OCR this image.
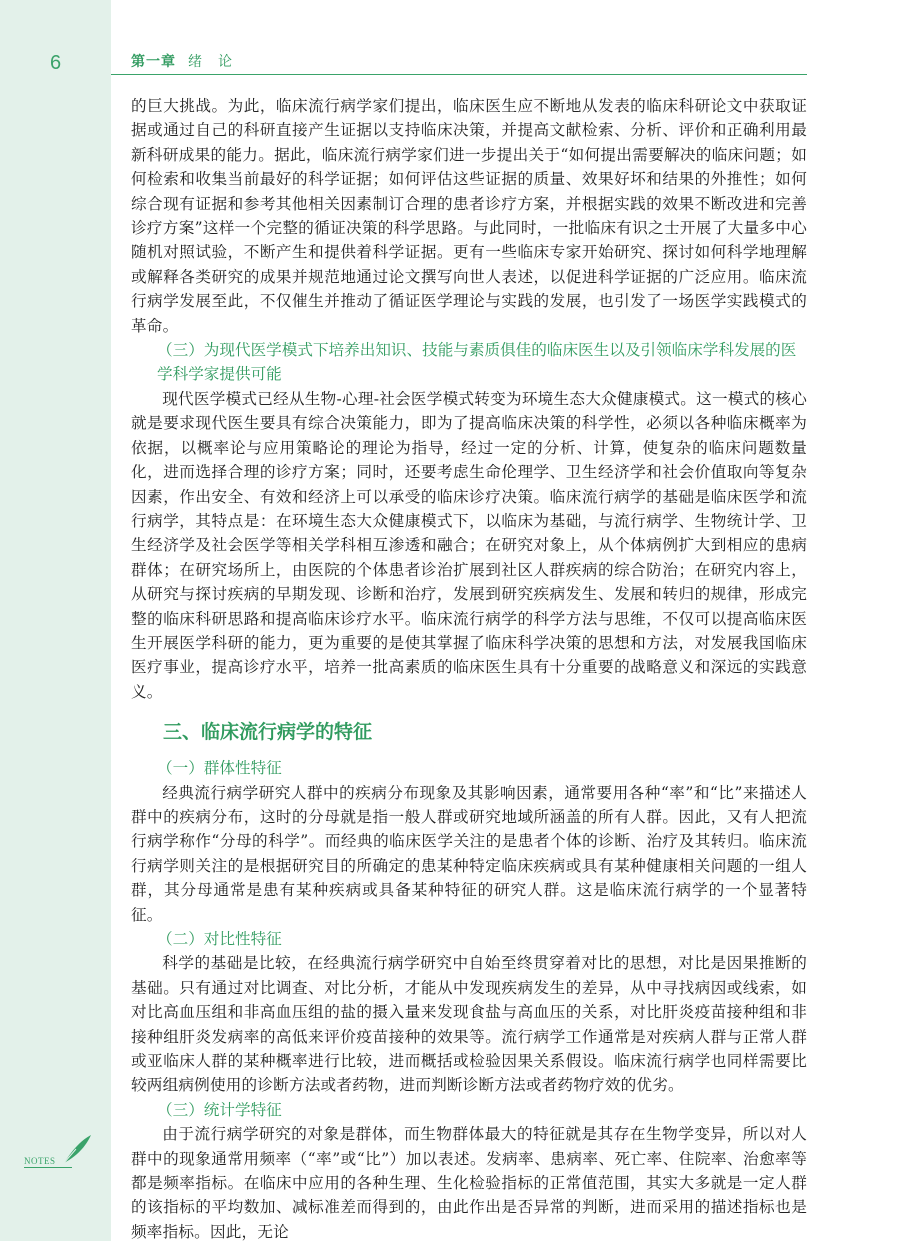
6	第一章 绪　论

的巨大挑战。为此，临床流行病学家们提出，临床医生应不断地从发表的临床科研论文中获取证据或通过自己的科研直接产生证据以支持临床决策，并提高文献检索、分析、评价和正确利用最新科研成果的能力。据此，临床流行病学家们进一步提出关于“如何提出需要解决的临床问题；如何检索和收集当前最好的科学证据；如何评估这些证据的质量、效果好坏和结果的外推性；如何综合现有证据和参考其他相关因素制订合理的患者诊疗方案，并根据实践的效果不断改进和完善诊疗方案”这样一个完整的循证决策的科学思路。与此同时，一批临床有识之士开展了大量多中心随机对照试验，不断产生和提供着科学证据。更有一些临床专家开始研究、探讨如何科学地理解或解释各类研究的成果并规范地通过论文撰写向世人表述，以促进科学证据的广泛应用。临床流行病学发展至此，不仅催生并推动了循证医学理论与实践的发展，也引发了一场医学实践模式的革命。

（三）为现代医学模式下培养出知识、技能与素质俱佳的临床医生以及引领临床学科发展的医学科学家提供可能

现代医学模式已经从生物-心理-社会医学模式转变为环境生态大众健康模式。这一模式的核心就是要求现代医生要具有综合决策能力，即为了提高临床决策的科学性，必须以各种临床概率为依据，以概率论与应用策略论的理论为指导，经过一定的分析、计算，使复杂的临床问题数量化，进而选择合理的诊疗方案；同时，还要考虑生命伦理学、卫生经济学和社会价值取向等复杂因素，作出安全、有效和经济上可以承受的临床诊疗决策。临床流行病学的基础是临床医学和流行病学，其特点是：在环境生态大众健康模式下，以临床为基础，与流行病学、生物统计学、卫生经济学及社会医学等相关学科相互渗透和融合；在研究对象上，从个体病例扩大到相应的患病群体；在研究场所上，由医院的个体患者诊治扩展到社区人群疾病的综合防治；在研究内容上，从研究与探讨疾病的早期发现、诊断和治疗，发展到研究疾病发生、发展和转归的规律，形成完整的临床科研思路和提高临床诊疗水平。临床流行病学的科学方法与思维，不仅可以提高临床医生开展医学科研的能力，更为重要的是使其掌握了临床科学决策的思想和方法，对发展我国临床医疗事业，提高诊疗水平，培养一批高素质的临床医生具有十分重要的战略意义和深远的实践意义。

三、临床流行病学的特征
（一）群体性特征

经典流行病学研究人群中的疾病分布现象及其影响因素，通常要用各种“率”和“比”来描述人群中的疾病分布，这时的分母就是指一般人群或研究地域所涵盖的所有人群。因此，又有人把流行病学称作“分母的科学”。而经典的临床医学关注的是患者个体的诊断、治疗及其转归。临床流行病学则关注的是根据研究目的所确定的患某种特定临床疾病或具有某种健康相关问题的一组人群，其分母通常是患有某种疾病或具备某种特征的研究人群。这是临床流行病学的一个显著特征。

（二）对比性特征

科学的基础是比较，在经典流行病学研究中自始至终贯穿着对比的思想，对比是因果推断的基础。只有通过对比调查、对比分析，才能从中发现疾病发生的差异，从中寻找病因或线索，如对比高血压组和非高血压组的盐的摄入量来发现食盐与高血压的关系，对比肝炎疫苗接种组和非接种组肝炎发病率的高低来评价疫苗接种的效果等。流行病学工作通常是对疾病人群与正常人群或亚临床人群的某种概率进行比较，进而概括或检验因果关系假设。临床流行病学也同样需要比较两组病例使用的诊断方法或者药物，进而判断诊断方法或者药物疗效的优劣。

（三）统计学特征

由于流行病学研究的对象是群体，而生物群体最大的特征就是其存在生物学变异，所以对人群中的现象通常用频率（“率”或“比”）加以表述。发病率、患病率、死亡率、住院率、治愈率等都是频率指标。在临床中应用的各种生理、生化检验指标的正常值范围，其实大多就是一定人群的该指标的平均数加、减标准差而得到的，由此作出是否异常的判断，进而采用的描述指标也是频率指标。因此，无论

NOTES
